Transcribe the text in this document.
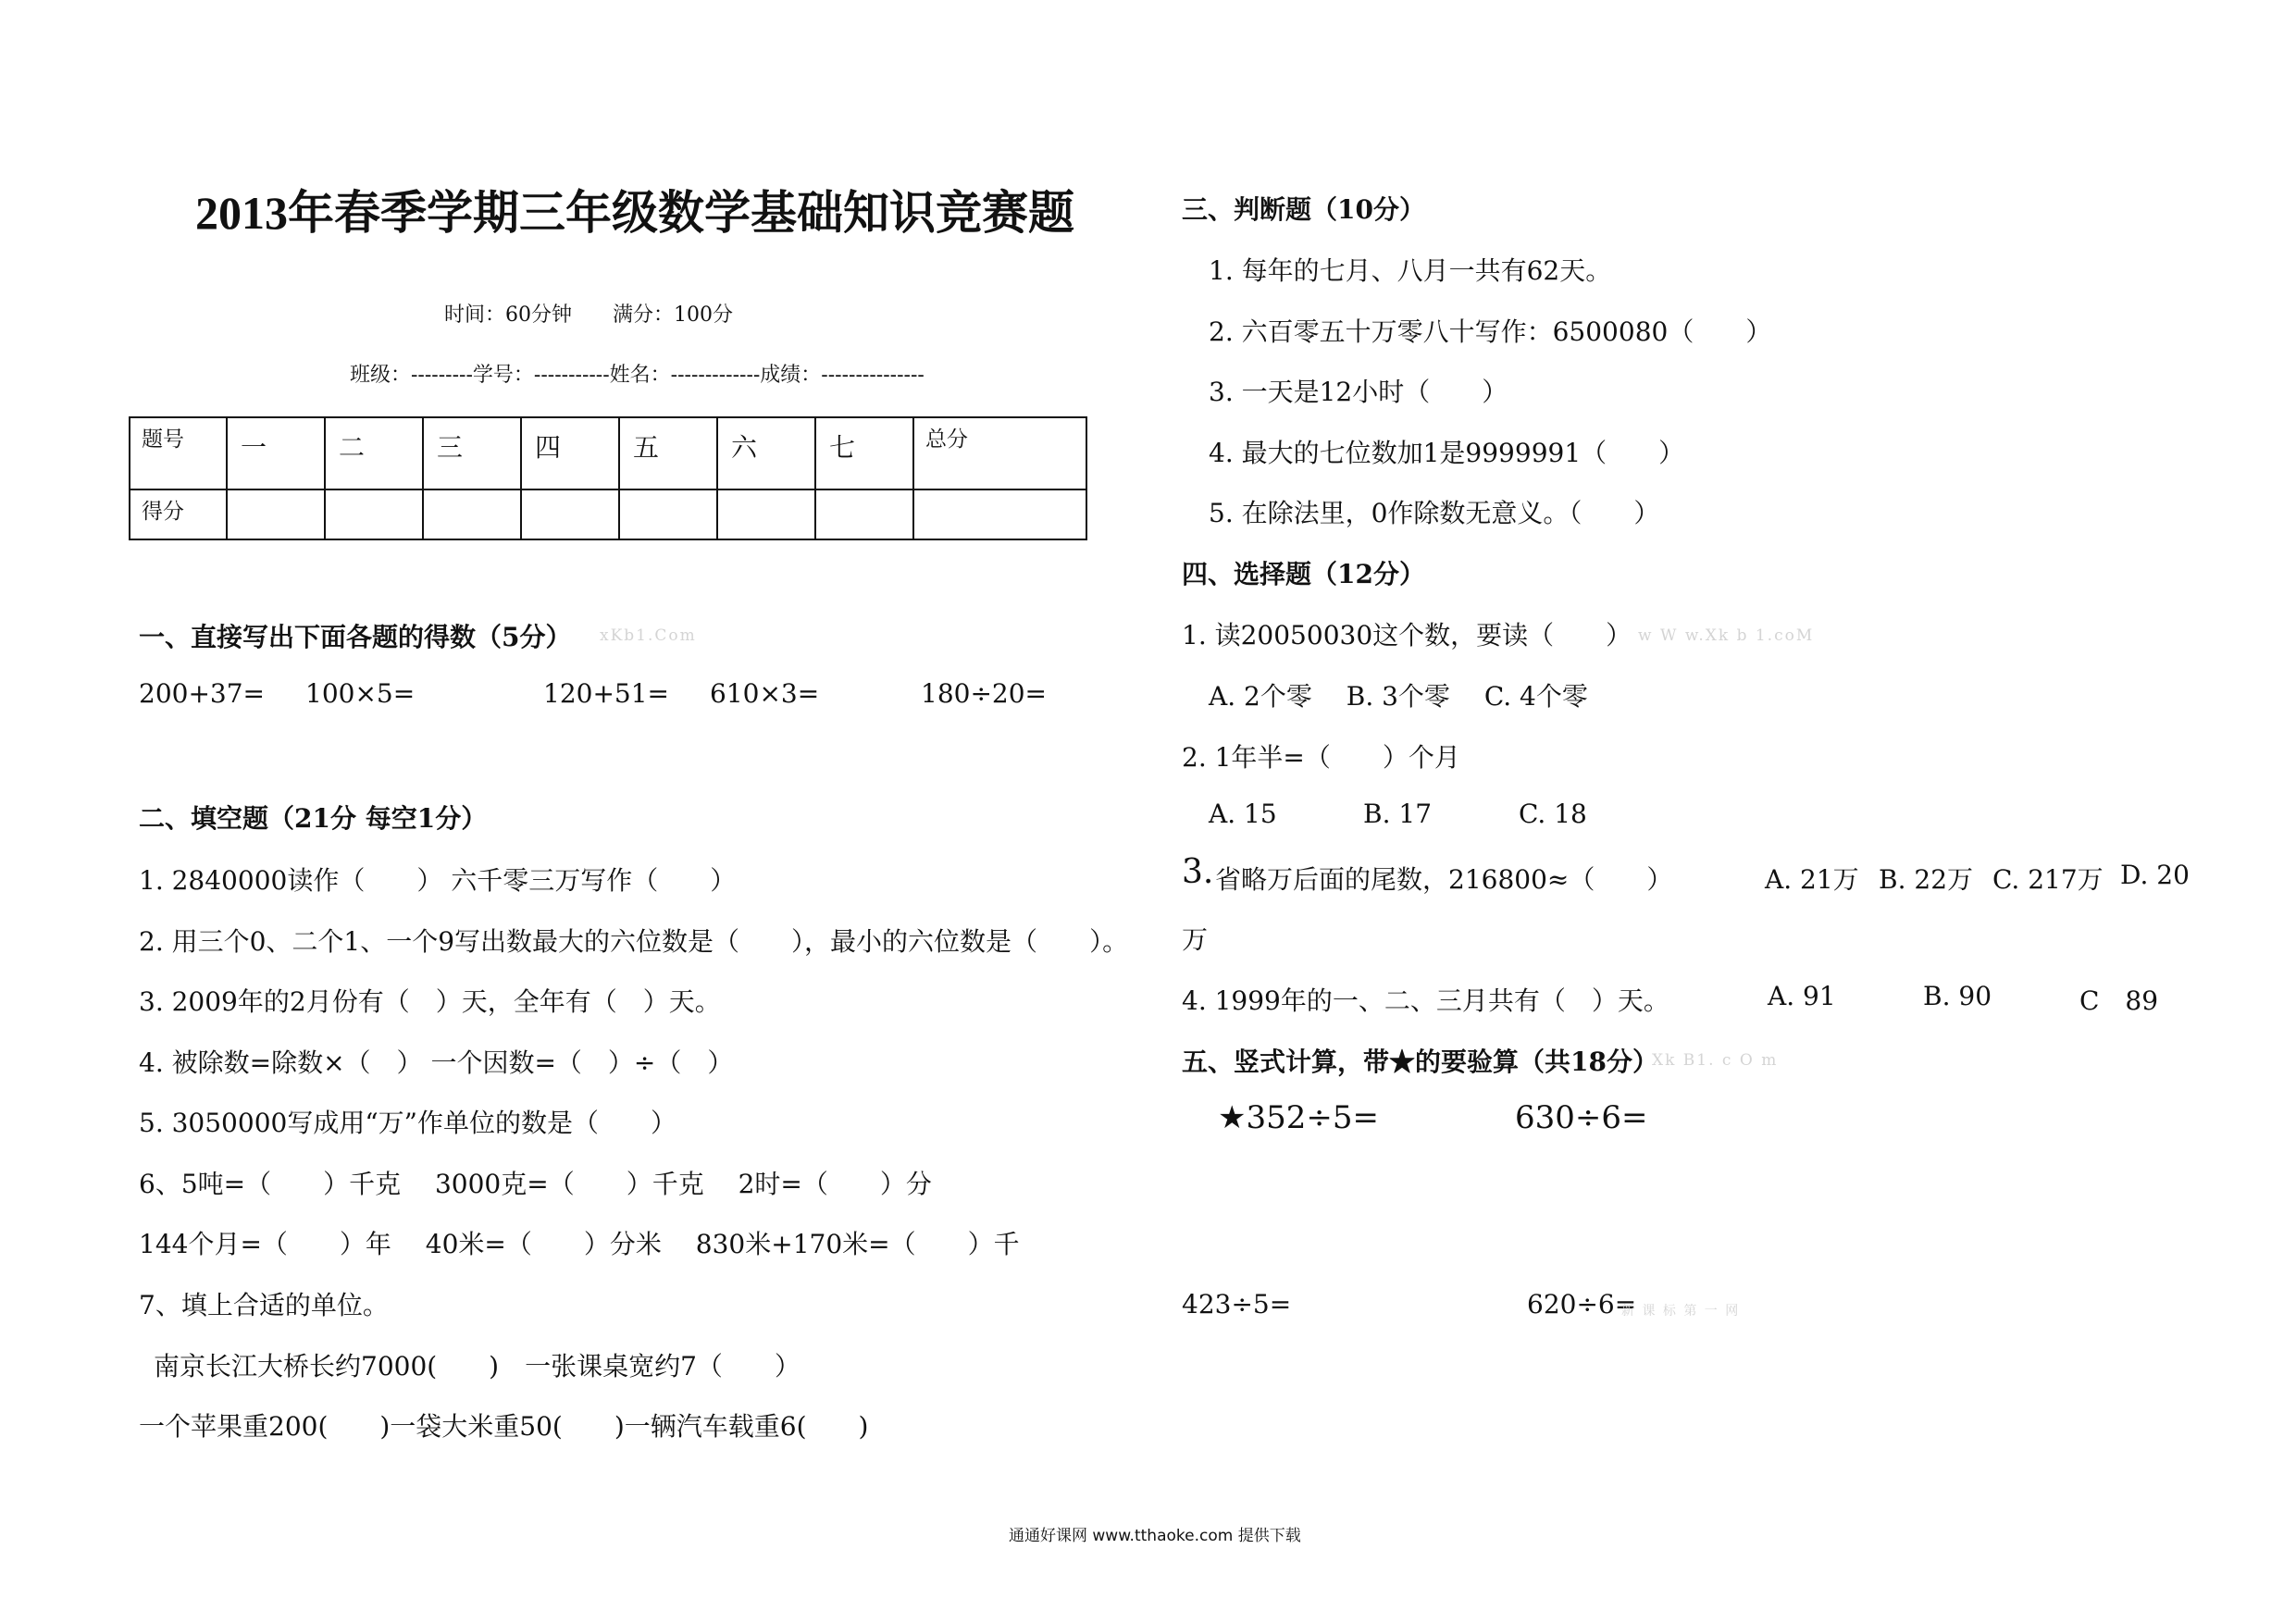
2013年春季学期三年级数学基础知识竞赛题
时间：60分钟　　满分：100分
班级：---------学号：-----------姓名：-------------成绩：---------------
题号	一	二	三	四	五	六	七	总分
得分								
一、直接写出下面各题的得数（5分） xKb1.Com
200+37= 100×5=	120+51= 610×3=	180÷20=
二、填空题（21分 每空1分）
1. 2840000读作（　　） 六千零三万写作（　　）
2. 用三个0、二个1、一个9写出数最大的六位数是（　　），最小的六位数是（　　）。
3. 2009年的2月份有（　）天，全年有（　）天。
4. 被除数=除数×（　） 一个因数=（　）÷（　）
5. 3050000写成用“万”作单位的数是（　　）
6、5吨=（　　）千克　 3000克=（　　）千克　 2时=（　　）分
144个月=（　　）年　 40米=（　　）分米　 830米+170米=（　　）千
7、填上合适的单位。
南京长江大桥长约7000(　　)　一张课桌宽约7（　　）
一个苹果重200(　　)一袋大米重50(　　)一辆汽车载重6(　　)
三、判断题（10分）
1. 每年的七月、八月一共有62天。
2. 六百零五十万零八十写作：6500080（　　）
3. 一天是12小时（　　）
4. 最大的七位数加1是9999991（　　）
5. 在除法里，0作除数无意义。（　　）
四、选择题（12分）
1. 读20050030这个数，要读（　　） w W w.Xk b 1.coM
A. 2个零　 B. 3个零　 C. 4个零
2. 1年半=（　　）个月
A. 15	B. 17	C. 18
3. 省略万后面的尾数，216800≈（　　）	A. 21万 B. 22万 C. 217万 D. 20
万
4. 1999年的一、二、三月共有（　）天。	A. 91	B. 90	C　89
五、竖式计算，带★的要验算（共18分）
Xk B1. c O m
★352÷5=	630÷6=
423÷5=	620÷6=
新 课 标 第 一 网
通通好课网 www.tthaoke.com 提供下载
